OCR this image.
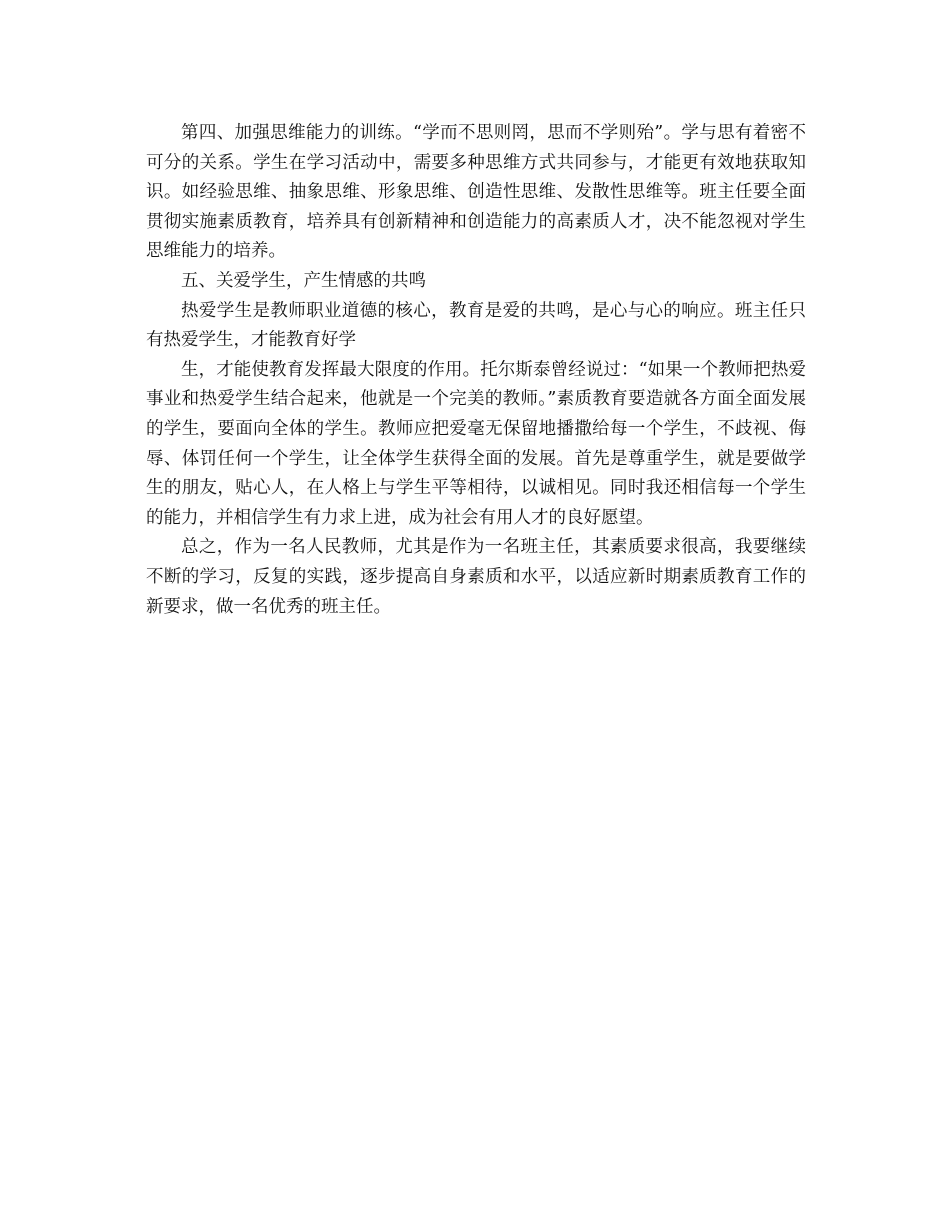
第四、加强思维能力的训练。“学而不思则罔，思而不学则殆”。学与思有着密不可分的关系。学生在学习活动中，需要多种思维方式共同参与，才能更有效地获取知识。如经验思维、抽象思维、形象思维、创造性思维、发散性思维等。班主任要全面贯彻实施素质教育，培养具有创新精神和创造能力的高素质人才，决不能忽视对学生思维能力的培养。

五、关爱学生，产生情感的共鸣

热爱学生是教师职业道德的核心，教育是爱的共鸣，是心与心的响应。班主任只有热爱学生，才能教育好学

生，才能使教育发挥最大限度的作用。托尔斯泰曾经说过：“如果一个教师把热爱事业和热爱学生结合起来，他就是一个完美的教师。”素质教育要造就各方面全面发展的学生，要面向全体的学生。教师应把爱毫无保留地播撒给每一个学生，不歧视、侮辱、体罚任何一个学生，让全体学生获得全面的发展。首先是尊重学生，就是要做学生的朋友，贴心人，在人格上与学生平等相待，以诚相见。同时我还相信每一个学生的能力，并相信学生有力求上进，成为社会有用人才的良好愿望。

总之，作为一名人民教师，尤其是作为一名班主任，其素质要求很高，我要继续不断的学习，反复的实践，逐步提高自身素质和水平，以适应新时期素质教育工作的新要求，做一名优秀的班主任。
